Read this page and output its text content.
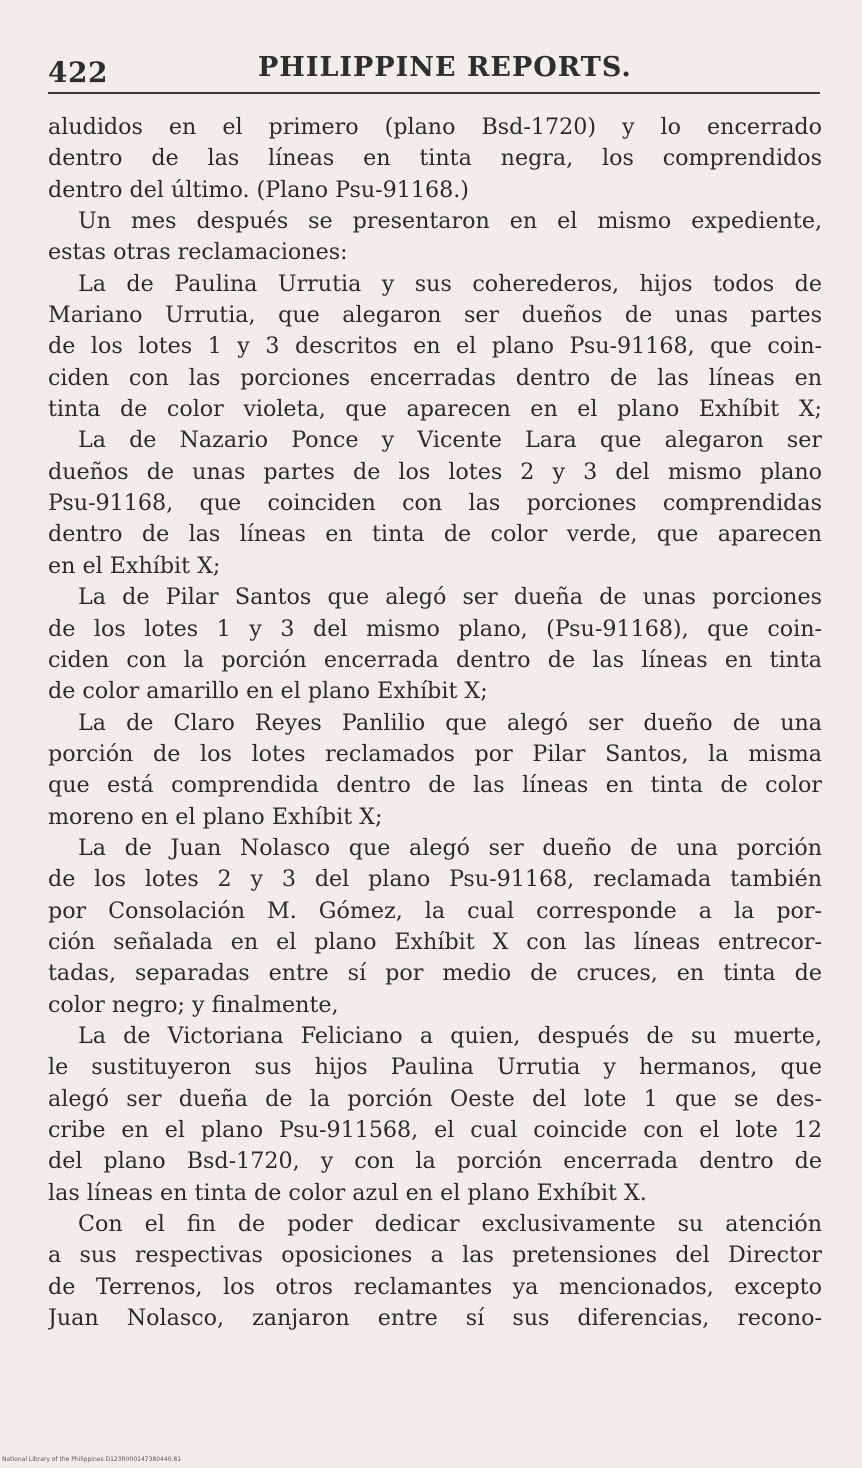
422	PHILIPPINE REPORTS.
aludidos en el primero (plano Bsd-1720) y lo encerrado
dentro de las líneas en tinta negra, los comprendidos
dentro del último. (Plano Psu-91168.)
Un mes después se presentaron en el mismo expediente,
estas otras reclamaciones:
La de Paulina Urrutia y sus coherederos, hijos todos de
Mariano Urrutia, que alegaron ser dueños de unas partes
de los lotes 1 y 3 descritos en el plano Psu-91168, que coin-
ciden con las porciones encerradas dentro de las líneas en
tinta de color violeta, que aparecen en el plano Exhíbit X;
La de Nazario Ponce y Vicente Lara que alegaron ser
dueños de unas partes de los lotes 2 y 3 del mismo plano
Psu-91168, que coinciden con las porciones comprendidas
dentro de las líneas en tinta de color verde, que aparecen
en el Exhíbit X;
La de Pilar Santos que alegó ser dueña de unas porciones
de los lotes 1 y 3 del mismo plano, (Psu-91168), que coin-
ciden con la porción encerrada dentro de las líneas en tinta
de color amarillo en el plano Exhíbit X;
La de Claro Reyes Panlilio que alegó ser dueño de una
porción de los lotes reclamados por Pilar Santos, la misma
que está comprendida dentro de las líneas en tinta de color
moreno en el plano Exhíbit X;
La de Juan Nolasco que alegó ser dueño de una porción
de los lotes 2 y 3 del plano Psu-91168, reclamada también
por Consolación M. Gómez, la cual corresponde a la por-
ción señalada en el plano Exhíbit X con las líneas entrecor-
tadas, separadas entre sí por medio de cruces, en tinta de
color negro; y finalmente,
La de Victoriana Feliciano a quien, después de su muerte,
le sustituyeron sus hijos Paulina Urrutia y hermanos, que
alegó ser dueña de la porción Oeste del lote 1 que se des-
cribe en el plano Psu-911568, el cual coincide con el lote 12
del plano Bsd-1720, y con la porción encerrada dentro de
las líneas en tinta de color azul en el plano Exhíbit X.
Con el fin de poder dedicar exclusivamente su atención
a sus respectivas oposiciones a las pretensiones del Director
de Terrenos, los otros reclamantes ya mencionados, excepto
Juan Nolasco, zanjaron entre sí sus diferencias, recono-
National Library of the Philippines D123R000147380440.81
